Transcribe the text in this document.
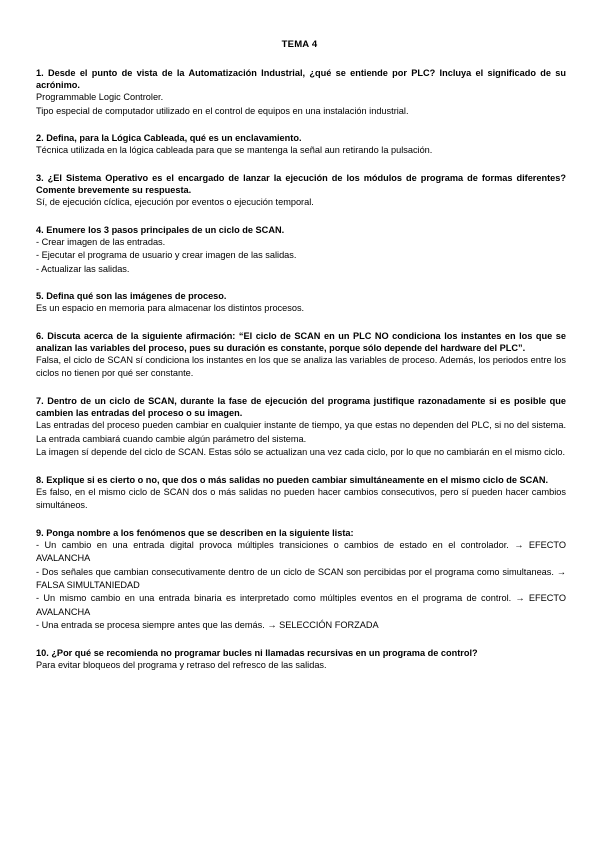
TEMA 4
1. Desde el punto de vista de la Automatización Industrial, ¿qué se entiende por PLC? Incluya el significado de su acrónimo.
Programmable Logic Controler.
Tipo especial de computador utilizado en el control de equipos en una instalación industrial.
2. Defina, para la Lógica Cableada, qué es un enclavamiento.
Técnica utilizada en la lógica cableada para que se mantenga la señal aun retirando la pulsación.
3. ¿El Sistema Operativo es el encargado de lanzar la ejecución de los módulos de programa de formas diferentes? Comente brevemente su respuesta.
Sí, de ejecución cíclica, ejecución por eventos o ejecución temporal.
4. Enumere los 3 pasos principales de un ciclo de SCAN.
- Crear imagen de las entradas.
- Ejecutar el programa de usuario y crear imagen de las salidas.
- Actualizar las salidas.
5. Defina qué son las imágenes de proceso.
Es un espacio en memoria para almacenar los distintos procesos.
6. Discuta acerca de la siguiente afirmación: “El ciclo de SCAN en un PLC NO condiciona los instantes en los que se analizan las variables del proceso, pues su duración es constante, porque sólo depende del hardware del PLC”.
Falsa, el ciclo de SCAN sí condiciona los instantes en los que se analiza las variables de proceso. Además, los periodos entre los ciclos no tienen por qué ser constante.
7. Dentro de un ciclo de SCAN, durante la fase de ejecución del programa justifique razonadamente si es posible que cambien las entradas del proceso o su imagen.
Las entradas del proceso pueden cambiar en cualquier instante de tiempo, ya que estas no dependen del PLC, si no del sistema. La entrada cambiará cuando cambie algún parámetro del sistema.
La imagen sí depende del ciclo de SCAN. Estas sólo se actualizan una vez cada ciclo, por lo que no cambiarán en el mismo ciclo.
8. Explique si es cierto o no, que dos o más salidas no pueden cambiar simultáneamente en el mismo ciclo de SCAN.
Es falso, en el mismo ciclo de SCAN dos o más salidas no pueden hacer cambios consecutivos, pero sí pueden hacer cambios simultáneos.
9. Ponga nombre a los fenómenos que se describen en la siguiente lista:
- Un cambio en una entrada digital provoca múltiples transiciones o cambios de estado en el controlador. → EFECTO AVALANCHA
- Dos señales que cambian consecutivamente dentro de un ciclo de SCAN son percibidas por el programa como simultaneas. → FALSA SIMULTANIEDAD
- Un mismo cambio en una entrada binaria es interpretado como múltiples eventos en el programa de control. → EFECTO AVALANCHA
- Una entrada se procesa siempre antes que las demás. → SELECCIÓN FORZADA
10. ¿Por qué se recomienda no programar bucles ni llamadas recursivas en un programa de control?
Para evitar bloqueos del programa y retraso del refresco de las salidas.
